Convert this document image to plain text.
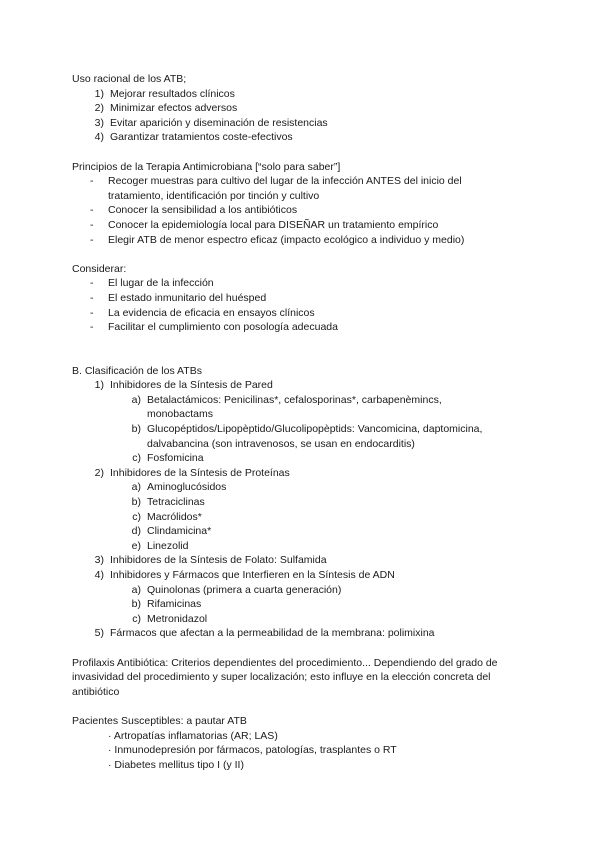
Uso racional de los ATB;
1) Mejorar resultados clínicos
2) Minimizar efectos adversos
3) Evitar aparición y diseminación de resistencias
4) Garantizar tratamientos coste-efectivos
Principios de la Terapia Antimicrobiana [“solo para saber”]
-	Recoger muestras para cultivo del lugar de la infección ANTES del inicio del tratamiento, identificación por tinción y cultivo
-	Conocer la sensibilidad a los antibióticos
-	Conocer la epidemiología local para DISEÑAR un tratamiento empírico
-	Elegir ATB de menor espectro eficaz (impacto ecológico a individuo y medio)
Considerar:
-	El lugar de la infección
-	El estado inmunitario del huésped
-	La evidencia de eficacia en ensayos clínicos
-	Facilitar el cumplimiento con posología adecuada
B. Clasificación de los ATBs
1) Inhibidores de la Síntesis de Pared
a) Betalactámicos: Penicilinas*, cefalosporinas*, carbapenèmincs, monobactams
b) Glucopéptidos/Lipopèptido/Glucolipopèptids: Vancomicina, daptomicina, dalvabancina (son intravenosos, se usan en endocarditis)
c) Fosfomicina
2) Inhibidores de la Síntesis de Proteínas
a) Aminoglucósidos
b) Tetraciclinas
c) Macrólidos*
d) Clindamicina*
e) Linezolid
3) Inhibidores de la Síntesis de Folato: Sulfamida
4) Inhibidores y Fármacos que Interfieren en la Síntesis de ADN
a) Quinolonas (primera a cuarta generación)
b) Rifamicinas
c) Metronidazol
5) Fármacos que afectan a la permeabilidad de la membrana: polimixina
Profilaxis Antibiótica: Criterios dependientes del procedimiento... Dependiendo del grado de invasividad del procedimiento y super localización; esto influye en la elección concreta del antibiótico
Pacientes Susceptibles: a pautar ATB
· Artropatías inflamatorias (AR; LAS)
· Inmunodepresión por fármacos, patologías, trasplantes o RT
· Diabetes mellitus tipo I (y II)
